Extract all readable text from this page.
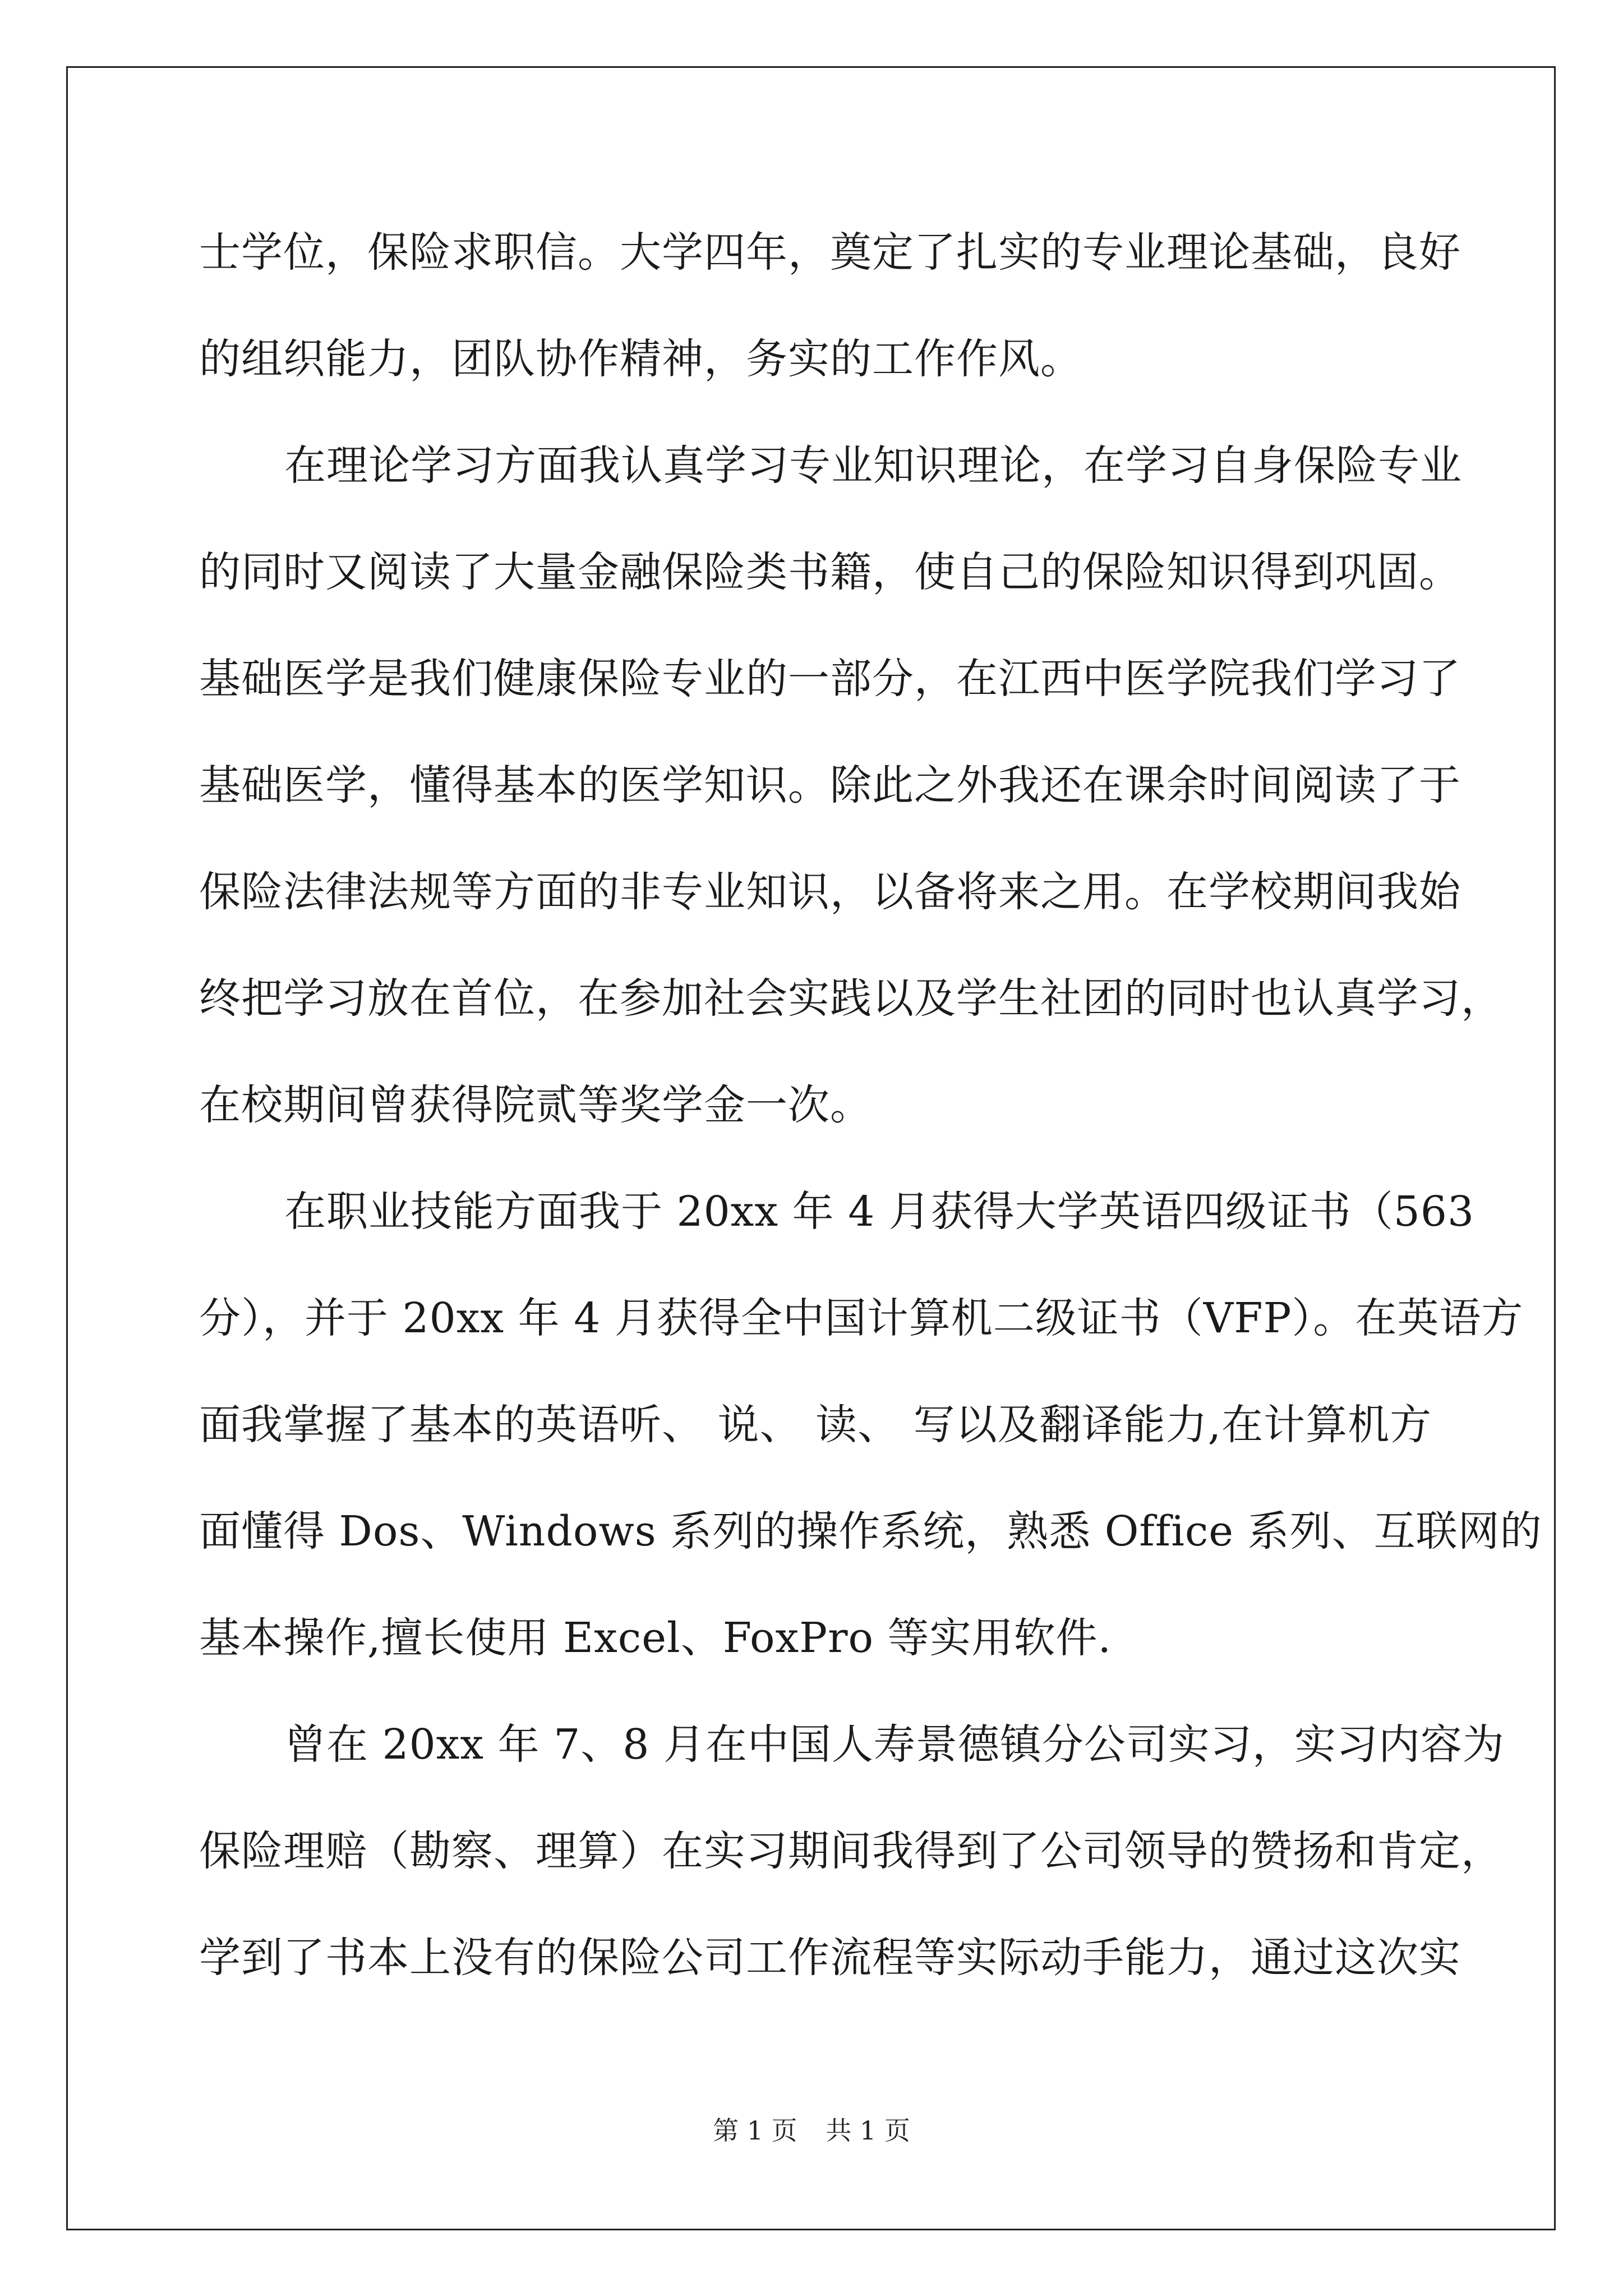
士学位，保险求职信。大学四年，奠定了扎实的专业理论基础，良好
的组织能力，团队协作精神，务实的工作作风。
在理论学习方面我认真学习专业知识理论，在学习自身保险专业
的同时又阅读了大量金融保险类书籍，使自己的保险知识得到巩固。
基础医学是我们健康保险专业的一部分，在江西中医学院我们学习了
基础医学，懂得基本的医学知识。除此之外我还在课余时间阅读了于
保险法律法规等方面的非专业知识，以备将来之用。在学校期间我始
终把学习放在首位，在参加社会实践以及学生社团的同时也认真学习，
在校期间曾获得院贰等奖学金一次。
在职业技能方面我于 20xx 年 4 月获得大学英语四级证书（563
分），并于 20xx 年 4 月获得全中国计算机二级证书（VFP）。在英语方
面我掌握了基本的英语听、 说、 读、 写以及翻译能力,在计算机方
面懂得 Dos、Windows 系列的操作系统，熟悉 Office 系列、互联网的
基本操作,擅长使用 Excel、FoxPro 等实用软件.
曾在 20xx 年 7、8 月在中国人寿景德镇分公司实习，实习内容为
保险理赔（勘察、理算）在实习期间我得到了公司领导的赞扬和肯定，
学到了书本上没有的保险公司工作流程等实际动手能力，通过这次实
第 1 页 共 1 页
